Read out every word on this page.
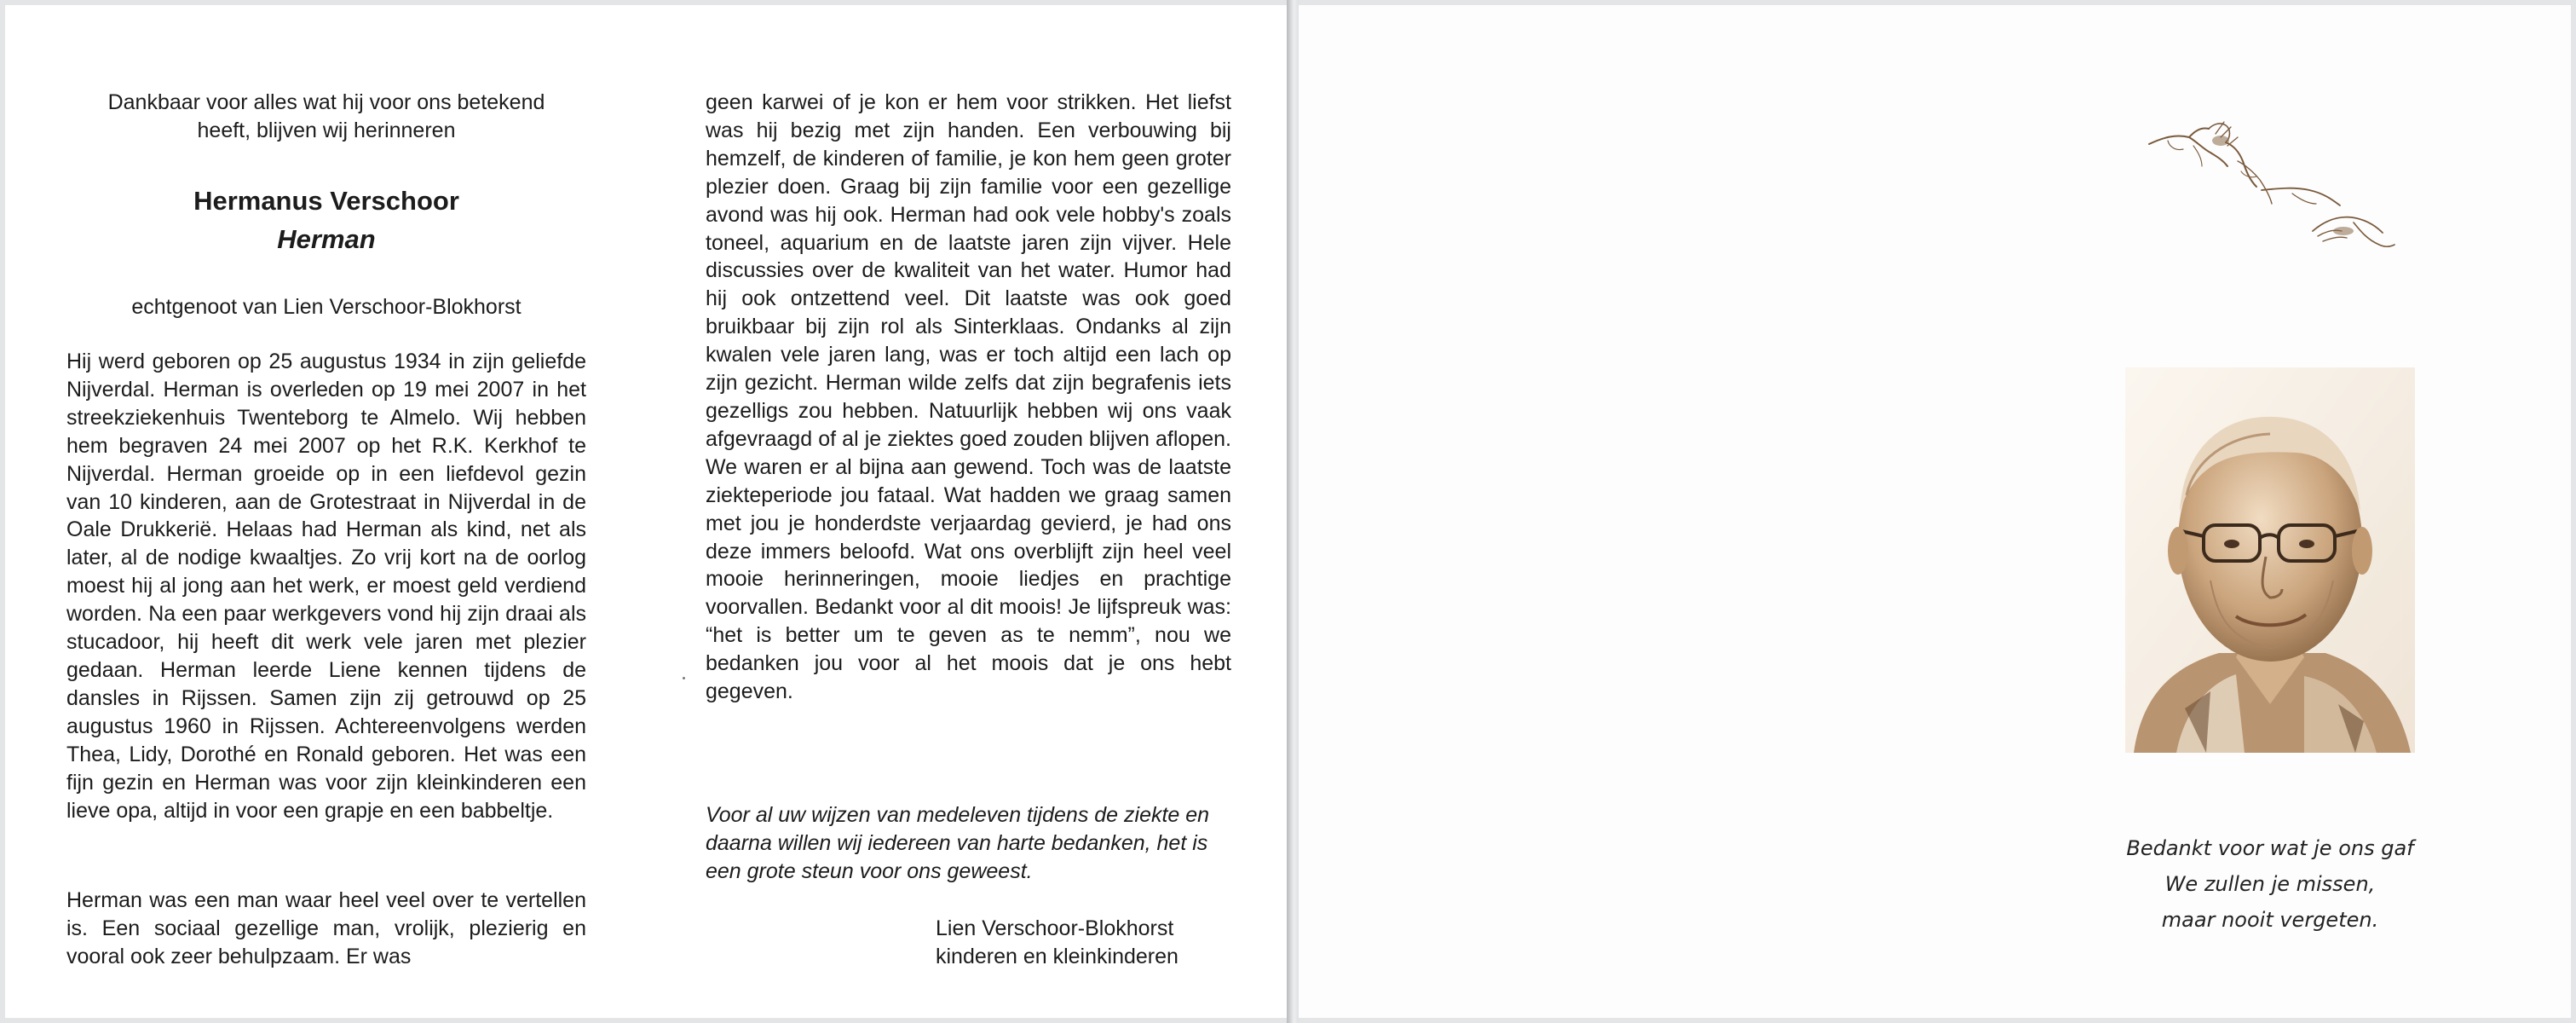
Dankbaar voor alles wat hij voor ons betekend
heeft, blijven wij herinneren
Hermanus Verschoor
Herman
echtgenoot van Lien Verschoor-Blokhorst

Hij werd geboren op 25 augustus 1934 in zijn geliefde Nijverdal. Herman is overleden op 19 mei 2007 in het streekziekenhuis Twenteborg te Almelo. Wij hebben hem begraven 24 mei 2007 op het R.K. Kerkhof te Nijverdal. Herman groeide op in een liefdevol gezin van 10 kinderen, aan de Grotestraat in Nijverdal in de Oale Drukkerië. Helaas had Herman als kind, net als later, al de nodige kwaaltjes. Zo vrij kort na de oorlog moest hij al jong aan het werk, er moest geld verdiend worden. Na een paar werkgevers vond hij zijn draai als stucadoor, hij heeft dit werk vele jaren met plezier gedaan. Herman leerde Liene kennen tijdens de dansles in Rijssen. Samen zijn zij getrouwd op 25 augustus 1960 in Rijssen. Achtereenvolgens werden Thea, Lidy, Dorothé en Ronald geboren. Het was een fijn gezin en Herman was voor zijn kleinkinderen een lieve opa, altijd in voor een grapje en een babbeltje.

Herman was een man waar heel veel over te vertellen is. Een sociaal gezellige man, vrolijk, plezierig en vooral ook zeer behulpzaam. Er was

geen karwei of je kon er hem voor strikken. Het liefst was hij bezig met zijn handen. Een verbouwing bij hemzelf, de kinderen of familie, je kon hem geen groter plezier doen. Graag bij zijn familie voor een gezellige avond was hij ook. Herman had ook vele hobby's zoals toneel, aquarium en de laatste jaren zijn vijver. Hele discussies over de kwaliteit van het water. Humor had hij ook ontzettend veel. Dit laatste was ook goed bruikbaar bij zijn rol als Sinterklaas. Ondanks al zijn kwalen vele jaren lang, was er toch altijd een lach op zijn gezicht. Herman wilde zelfs dat zijn begrafenis iets gezelligs zou hebben. Natuurlijk hebben wij ons vaak afgevraagd of al je ziektes goed zouden blijven aflopen. We waren er al bijna aan gewend. Toch was de laatste ziekteperiode jou fataal. Wat hadden we graag samen met jou je honderdste verjaardag gevierd, je had ons deze immers beloofd. Wat ons overblijft zijn heel veel mooie herinneringen, mooie liedjes en prachtige voorvallen. Bedankt voor al dit moois! Je lijfspreuk was: “het is better um te geven as te nemm”, nou we bedanken jou voor al het moois dat je ons hebt gegeven.

Voor al uw wijzen van medeleven tijdens de ziekte en daarna willen wij iedereen van harte bedanken, het is een grote steun voor ons geweest.

Lien Verschoor-Blokhorst
kinderen en kleinkinderen
Bedankt voor wat je ons gaf
We zullen je missen,
maar nooit vergeten.
